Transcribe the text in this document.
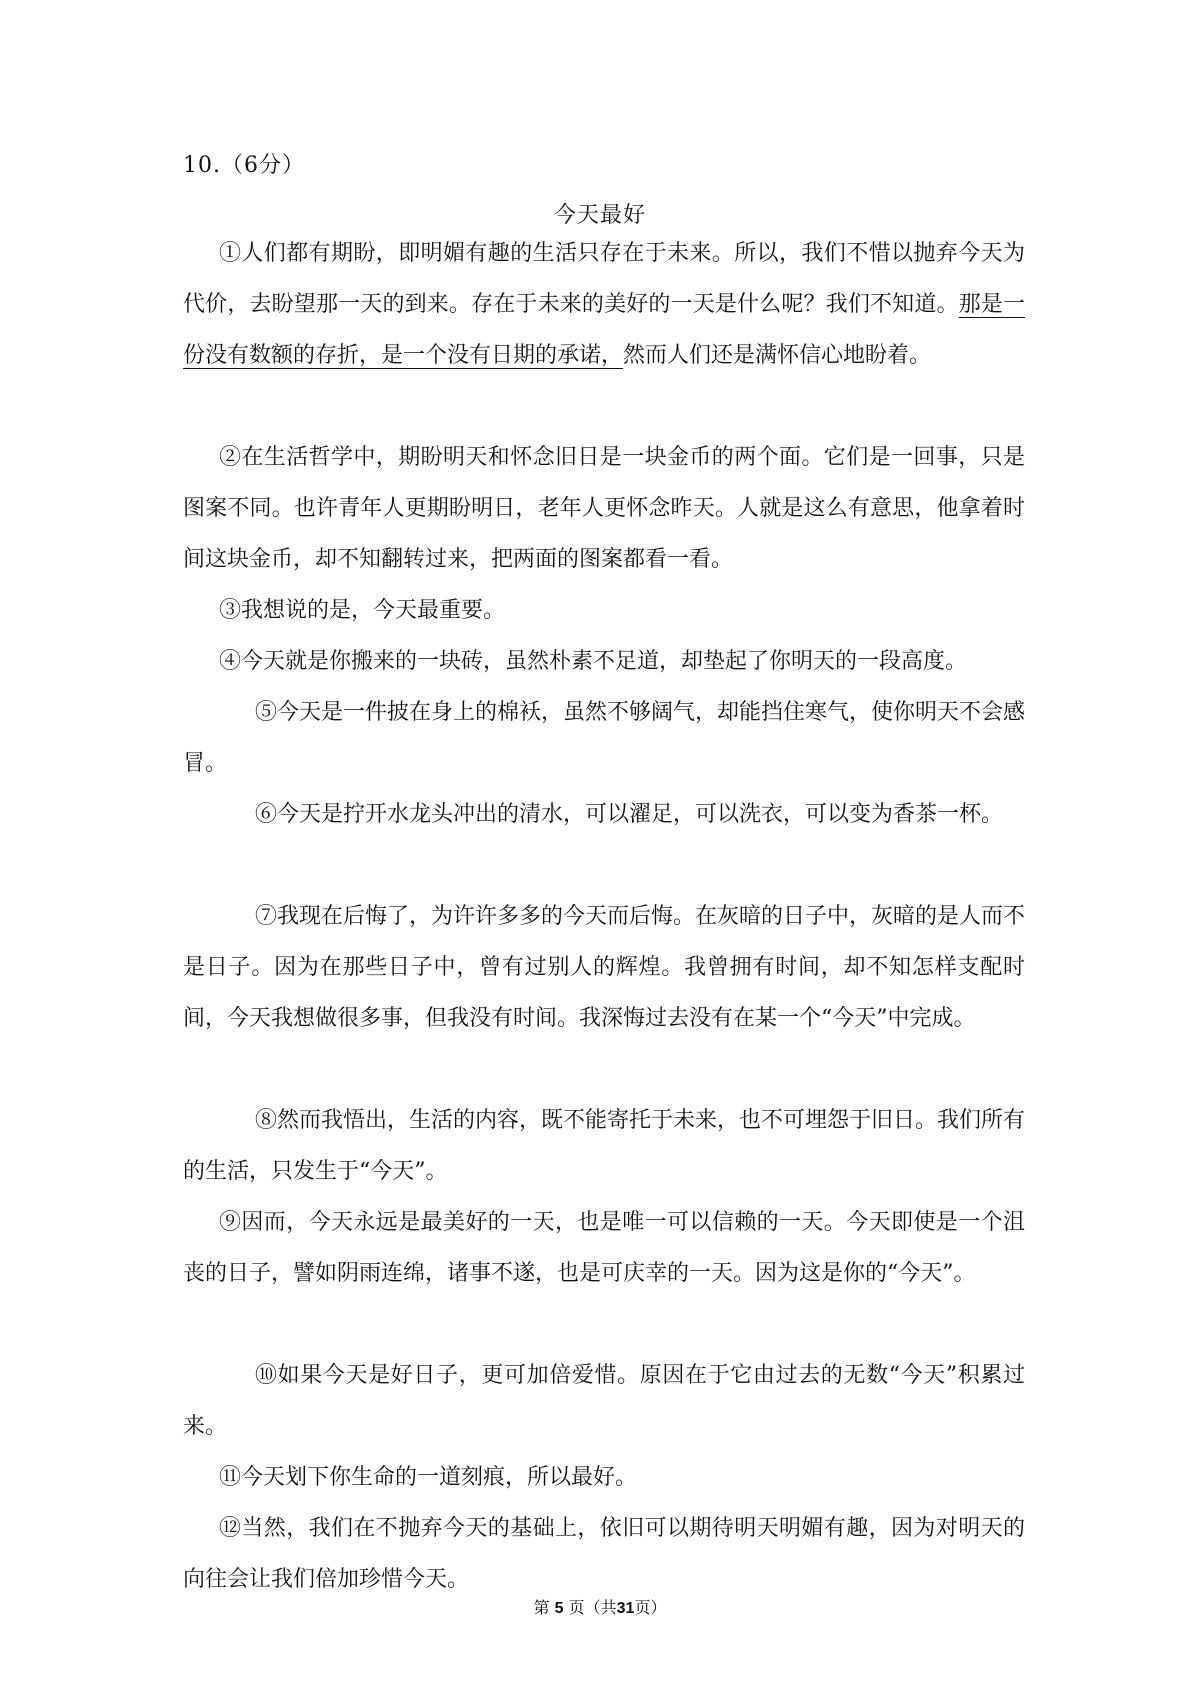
10.（6分）
今天最好

①人们都有期盼，即明媚有趣的生活只存在于未来。所以，我们不惜以抛弃今天为代价，去盼望那一天的到来。存在于未来的美好的一天是什么呢？我们不知道。那是一份没有数额的存折，是一个没有日期的承诺，然而人们还是满怀信心地盼着。

②在生活哲学中，期盼明天和怀念旧日是一块金币的两个面。它们是一回事，只是图案不同。也许青年人更期盼明日，老年人更怀念昨天。人就是这么有意思，他拿着时间这块金币，却不知翻转过来，把两面的图案都看一看。

③我想说的是，今天最重要。

④今天就是你搬来的一块砖，虽然朴素不足道，却垫起了你明天的一段高度。

⑤今天是一件披在身上的棉袄，虽然不够阔气，却能挡住寒气，使你明天不会感冒。

⑥今天是拧开水龙头冲出的清水，可以濯足，可以洗衣，可以变为香茶一杯。

⑦我现在后悔了，为许许多多的今天而后悔。在灰暗的日子中，灰暗的是人而不是日子。因为在那些日子中，曾有过别人的辉煌。我曾拥有时间，却不知怎样支配时间，今天我想做很多事，但我没有时间。我深悔过去没有在某一个“今天”中完成。

⑧然而我悟出，生活的内容，既不能寄托于未来，也不可埋怨于旧日。我们所有的生活，只发生于“今天”。

⑨因而，今天永远是最美好的一天，也是唯一可以信赖的一天。今天即使是一个沮丧的日子，譬如阴雨连绵，诸事不遂，也是可庆幸的一天。因为这是你的“今天”。

⑩如果今天是好日子，更可加倍爱惜。原因在于它由过去的无数“今天”积累过来。

⑪今天划下你生命的一道刻痕，所以最好。

⑫当然，我们在不抛弃今天的基础上，依旧可以期待明天明媚有趣，因为对明天的向往会让我们倍加珍惜今天。

第 5 页（共31页）
